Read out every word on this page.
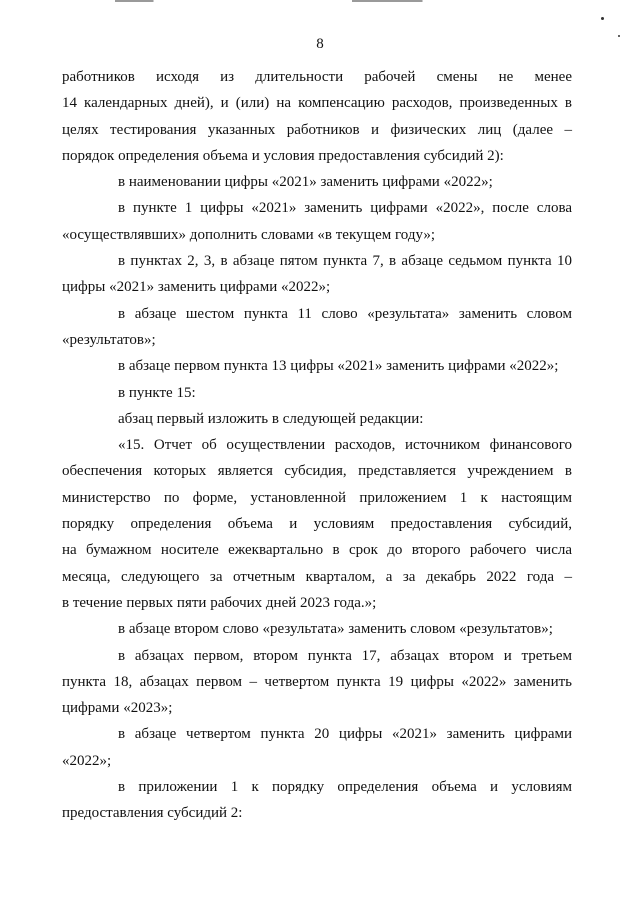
8
работников исходя из длительности рабочей смены не менее
14 календарных дней), и (или) на компенсацию расходов, произведенных в
целях тестирования указанных работников и физических лиц (далее –
порядок определения объема и условия предоставления субсидий 2):
в наименовании цифры «2021» заменить цифрами «2022»;
в пункте 1 цифры «2021» заменить цифрами «2022», после слова
«осуществлявших» дополнить словами «в текущем году»;
в пунктах 2, 3, в абзаце пятом пункта 7, в абзаце седьмом пункта 10
цифры «2021» заменить цифрами «2022»;
в абзаце шестом пункта 11 слово «результата» заменить словом
«результатов»;
в абзаце первом пункта 13 цифры «2021» заменить цифрами «2022»;
в пункте 15:
абзац первый изложить в следующей редакции:
«15. Отчет об осуществлении расходов, источником финансового
обеспечения которых является субсидия, представляется учреждением в
министерство по форме, установленной приложением 1 к настоящим
порядку определения объема и условиям предоставления субсидий,
на бумажном носителе ежеквартально в срок до второго рабочего числа
месяца, следующего за отчетным кварталом, а за декабрь 2022 года –
в течение первых пяти рабочих дней 2023 года.»;
в абзаце втором слово «результата» заменить словом «результатов»;
в абзацах первом, втором пункта 17, абзацах втором и третьем
пункта 18, абзацах первом – четвертом пункта 19 цифры «2022» заменить
цифрами «2023»;
в абзаце четвертом пункта 20 цифры «2021» заменить цифрами
«2022»;
в приложении 1 к порядку определения объема и условиям
предоставления субсидий 2:
